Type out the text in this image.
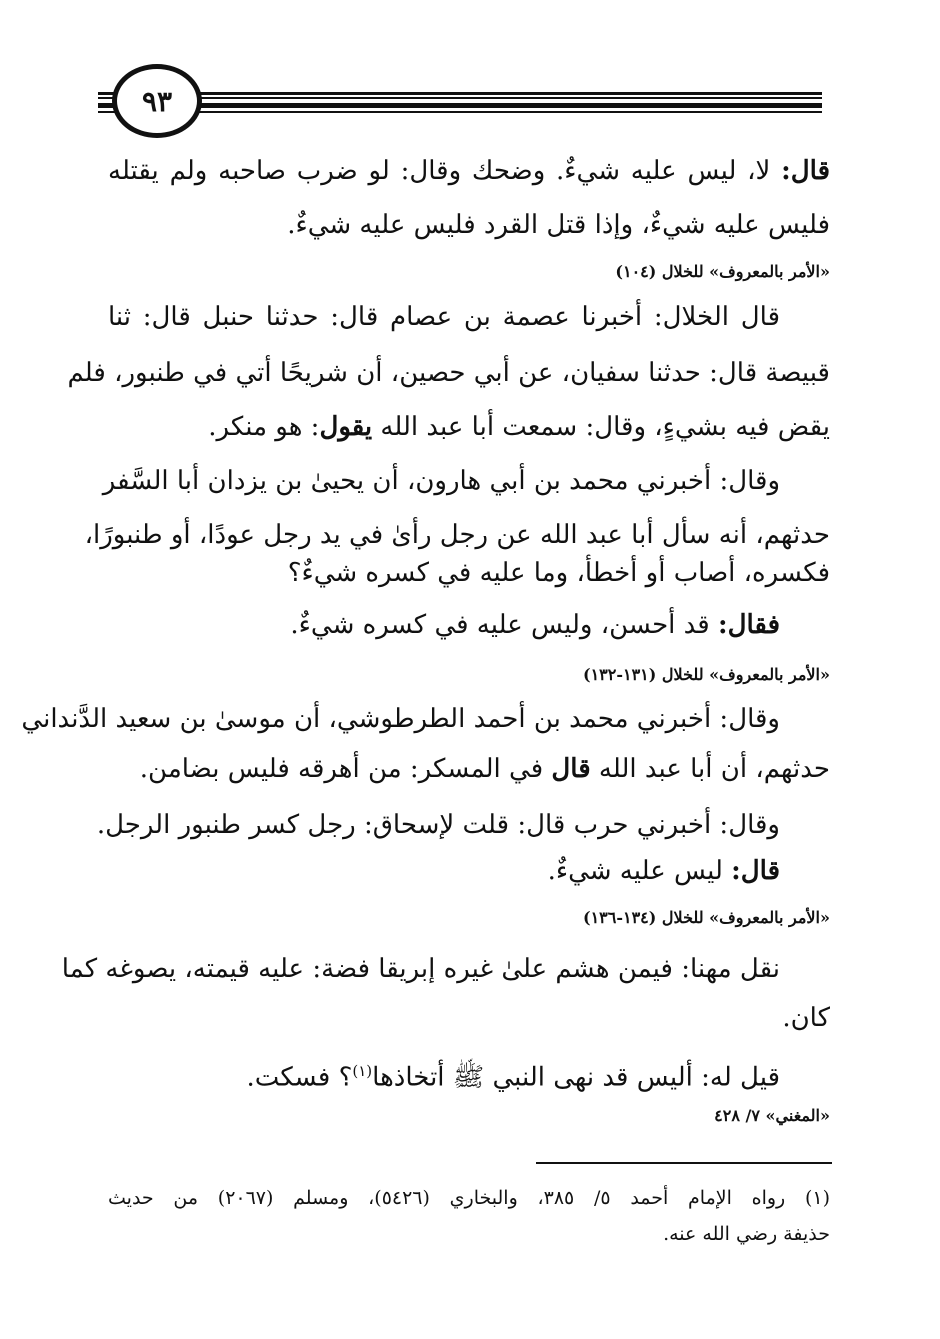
٩٣
قال: لا، ليس عليه شيءٌ. وضحك وقال: لو ضرب صاحبه ولم يقتله
فليس عليه شيءٌ، وإذا قتل القرد فليس عليه شيءٌ.
«الأمر بالمعروف» للخلال (١٠٤)
قال الخلال: أخبرنا عصمة بن عصام قال: حدثنا حنبل قال: ثنا
قبيصة قال: حدثنا سفيان، عن أبي حصين، أن شريحًا أتي في طنبور، فلم
يقض فيه بشيءٍ، وقال: سمعت أبا عبد الله يقول: هو منكر.
وقال: أخبرني محمد بن أبي هارون، أن يحيىٰ بن يزدان أبا السَّفر
حدثهم، أنه سأل أبا عبد الله عن رجل رأىٰ في يد رجل عودًا، أو طنبورًا،
فكسره، أصاب أو أخطأ، وما عليه في كسره شيءٌ؟
فقال: قد أحسن، وليس عليه في كسره شيءٌ.
«الأمر بالمعروف» للخلال (١٣١-١٣٢)
وقال: أخبرني محمد بن أحمد الطرطوشي، أن موسىٰ بن سعيد الدَّنداني
حدثهم، أن أبا عبد الله قال في المسكر: من أهرقه فليس بضامن.
وقال: أخبرني حرب قال: قلت لإسحاق: رجل كسر طنبور الرجل.
قال: ليس عليه شيءٌ.
«الأمر بالمعروف» للخلال (١٣٤-١٣٦)
نقل مهنا: فيمن هشم علىٰ غيره إبريقا فضة: عليه قيمته، يصوغه كما
كان.
قيل له: أليس قد نهى النبي ﷺ أتخاذها$^{(١)}$؟ فسكت.
«المغني» ٧/ ٤٢٨
(١) رواه الإمام أحمد ٥/ ٣٨٥، والبخاري (٥٤٢٦)، ومسلم (٢٠٦٧) من حديث
حذيفة رضي الله عنه.
